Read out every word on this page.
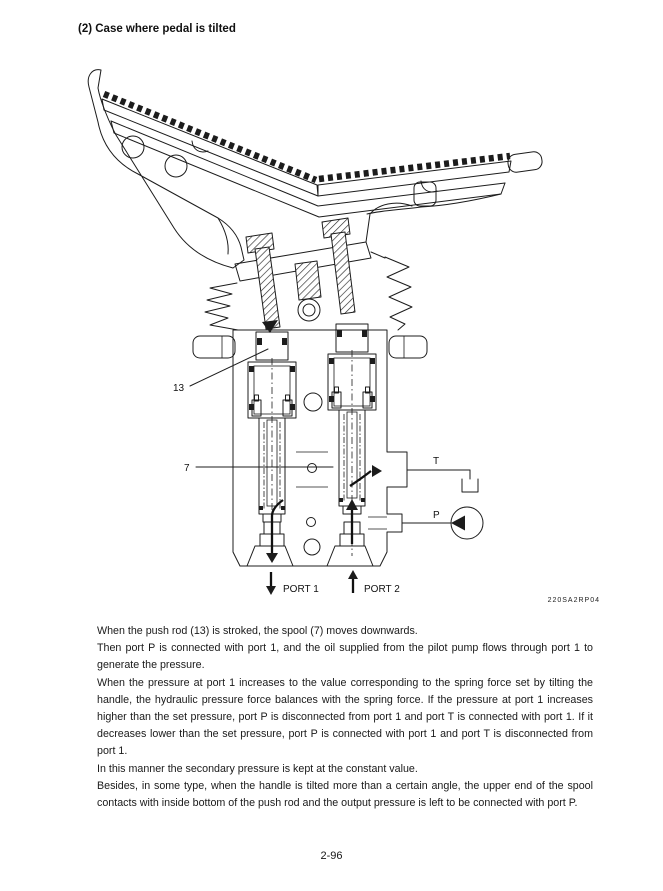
(2) Case where pedal is tilted
13
7
T
P
PORT 1	PORT 2
220SA2RP04

When the push rod (13) is stroked, the spool (7) moves downwards.

Then port P is connected with port 1, and the oil supplied from the pilot pump flows through port 1 to generate the pressure.

When the pressure at port 1 increases to the value corresponding to the spring force set by tilting the handle, the hydraulic pressure force balances with the spring force. If the pressure at port 1 increases higher than the set pressure, port P is disconnected from port 1 and port T is connected with port 1. If it decreases lower than the set pressure, port P is connected with port 1 and port T is disconnected from port 1.

In this manner the secondary pressure is kept at the constant value.

Besides, in some type, when the handle is tilted more than a certain angle, the upper end of the spool contacts with inside bottom of the push rod and the output pressure is left to be connected with port P.

2-96
